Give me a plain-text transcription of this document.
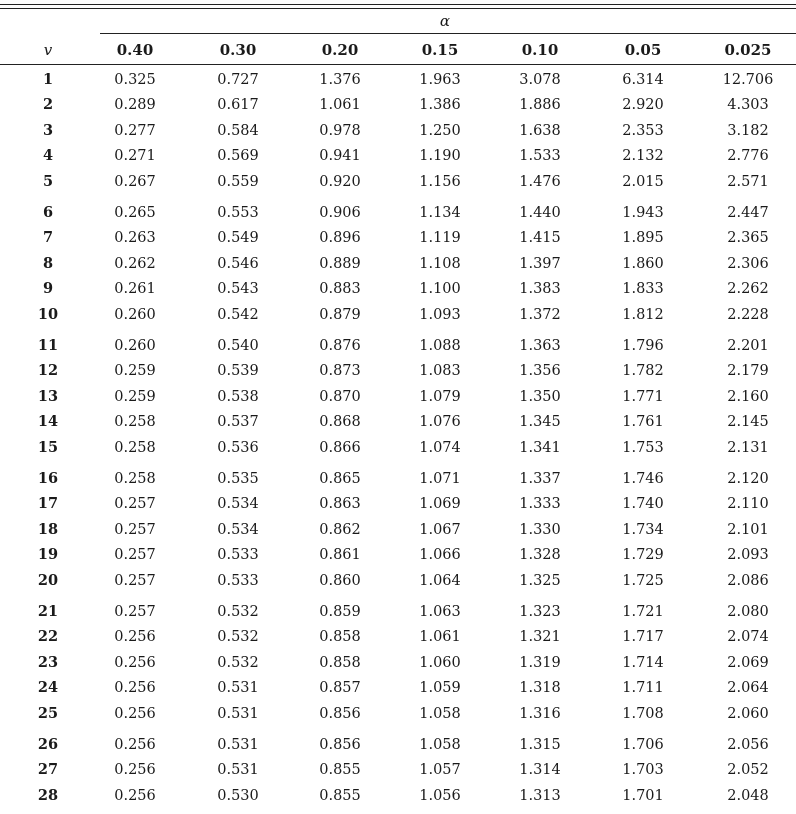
α
v	0.40	0.30	0.20	0.15	0.10	0.05	0.025
1	0.325	0.727	1.376	1.963	3.078	6.314	12.706
2	0.289	0.617	1.061	1.386	1.886	2.920	4.303
3	0.277	0.584	0.978	1.250	1.638	2.353	3.182
4	0.271	0.569	0.941	1.190	1.533	2.132	2.776
5	0.267	0.559	0.920	1.156	1.476	2.015	2.571
6	0.265	0.553	0.906	1.134	1.440	1.943	2.447
7	0.263	0.549	0.896	1.119	1.415	1.895	2.365
8	0.262	0.546	0.889	1.108	1.397	1.860	2.306
9	0.261	0.543	0.883	1.100	1.383	1.833	2.262
10	0.260	0.542	0.879	1.093	1.372	1.812	2.228
11	0.260	0.540	0.876	1.088	1.363	1.796	2.201
12	0.259	0.539	0.873	1.083	1.356	1.782	2.179
13	0.259	0.538	0.870	1.079	1.350	1.771	2.160
14	0.258	0.537	0.868	1.076	1.345	1.761	2.145
15	0.258	0.536	0.866	1.074	1.341	1.753	2.131
16	0.258	0.535	0.865	1.071	1.337	1.746	2.120
17	0.257	0.534	0.863	1.069	1.333	1.740	2.110
18	0.257	0.534	0.862	1.067	1.330	1.734	2.101
19	0.257	0.533	0.861	1.066	1.328	1.729	2.093
20	0.257	0.533	0.860	1.064	1.325	1.725	2.086
21	0.257	0.532	0.859	1.063	1.323	1.721	2.080
22	0.256	0.532	0.858	1.061	1.321	1.717	2.074
23	0.256	0.532	0.858	1.060	1.319	1.714	2.069
24	0.256	0.531	0.857	1.059	1.318	1.711	2.064
25	0.256	0.531	0.856	1.058	1.316	1.708	2.060
26	0.256	0.531	0.856	1.058	1.315	1.706	2.056
27	0.256	0.531	0.855	1.057	1.314	1.703	2.052
28	0.256	0.530	0.855	1.056	1.313	1.701	2.048
